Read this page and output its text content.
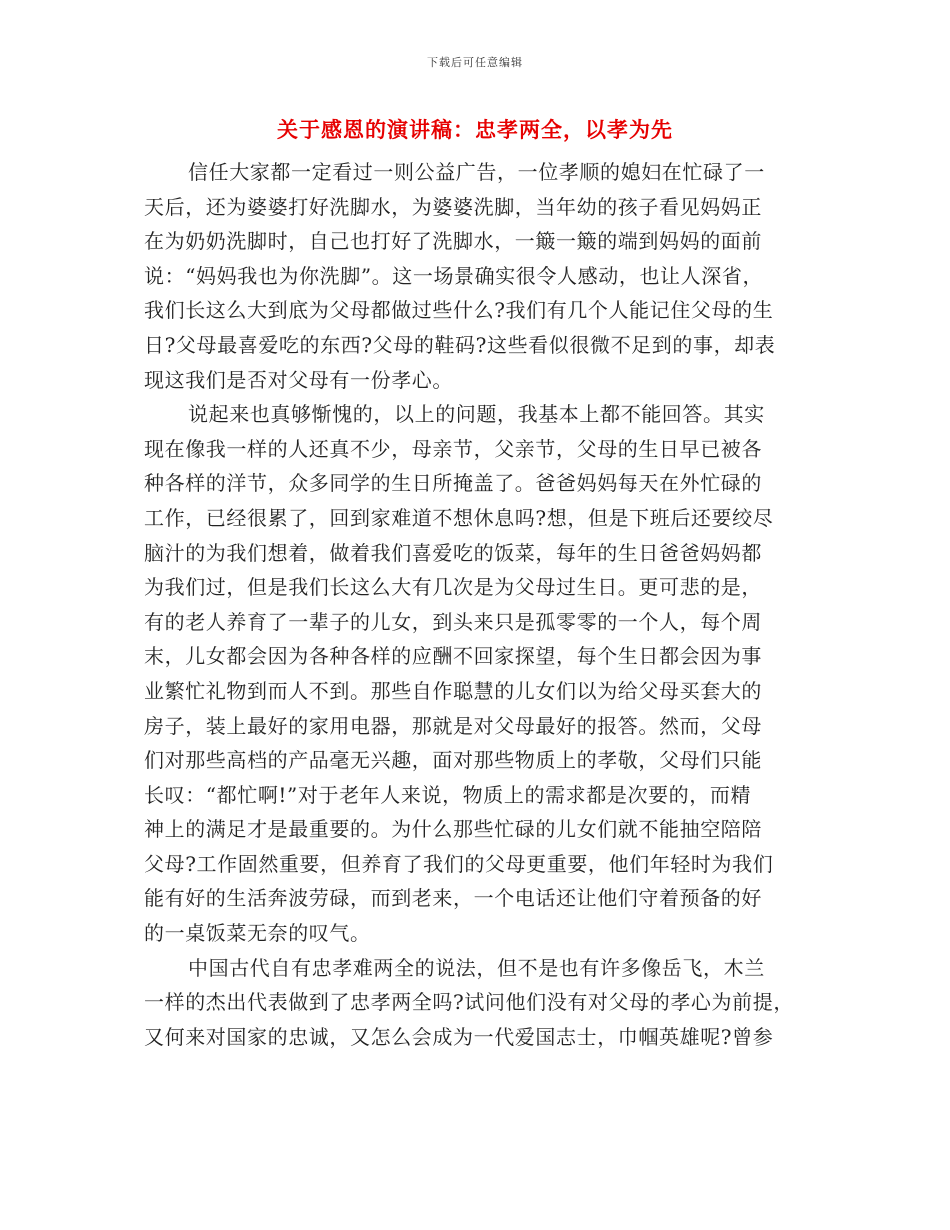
下载后可任意编辑
关于感恩的演讲稿：忠孝两全，以孝为先
信任大家都一定看过一则公益广告，一位孝顺的媳妇在忙碌了一
天后，还为婆婆打好洗脚水，为婆婆洗脚，当年幼的孩子看见妈妈正
在为奶奶洗脚时，自己也打好了洗脚水，一簸一簸的端到妈妈的面前
说：“妈妈我也为你洗脚”。这一场景确实很令人感动，也让人深省，
我们长这么大到底为父母都做过些什么?我们有几个人能记住父母的生
日?父母最喜爱吃的东西?父母的鞋码?这些看似很微不足到的事，却表
现这我们是否对父母有一份孝心。
说起来也真够惭愧的，以上的问题，我基本上都不能回答。其实
现在像我一样的人还真不少，母亲节，父亲节，父母的生日早已被各
种各样的洋节，众多同学的生日所掩盖了。爸爸妈妈每天在外忙碌的
工作，已经很累了，回到家难道不想休息吗?想，但是下班后还要绞尽
脑汁的为我们想着，做着我们喜爱吃的饭菜，每年的生日爸爸妈妈都
为我们过，但是我们长这么大有几次是为父母过生日。更可悲的是，
有的老人养育了一辈子的儿女，到头来只是孤零零的一个人，每个周
末，儿女都会因为各种各样的应酬不回家探望，每个生日都会因为事
业繁忙礼物到而人不到。那些自作聪慧的儿女们以为给父母买套大的
房子，装上最好的家用电器，那就是对父母最好的报答。然而，父母
们对那些高档的产品毫无兴趣，面对那些物质上的孝敬，父母们只能
长叹：“都忙啊!”对于老年人来说，物质上的需求都是次要的，而精
神上的满足才是最重要的。为什么那些忙碌的儿女们就不能抽空陪陪
父母?工作固然重要，但养育了我们的父母更重要，他们年轻时为我们
能有好的生活奔波劳碌，而到老来，一个电话还让他们守着预备的好
的一桌饭菜无奈的叹气。
中国古代自有忠孝难两全的说法，但不是也有许多像岳飞，木兰
一样的杰出代表做到了忠孝两全吗?试问他们没有对父母的孝心为前提，
又何来对国家的忠诚，又怎么会成为一代爱国志士，巾帼英雄呢?曾参
